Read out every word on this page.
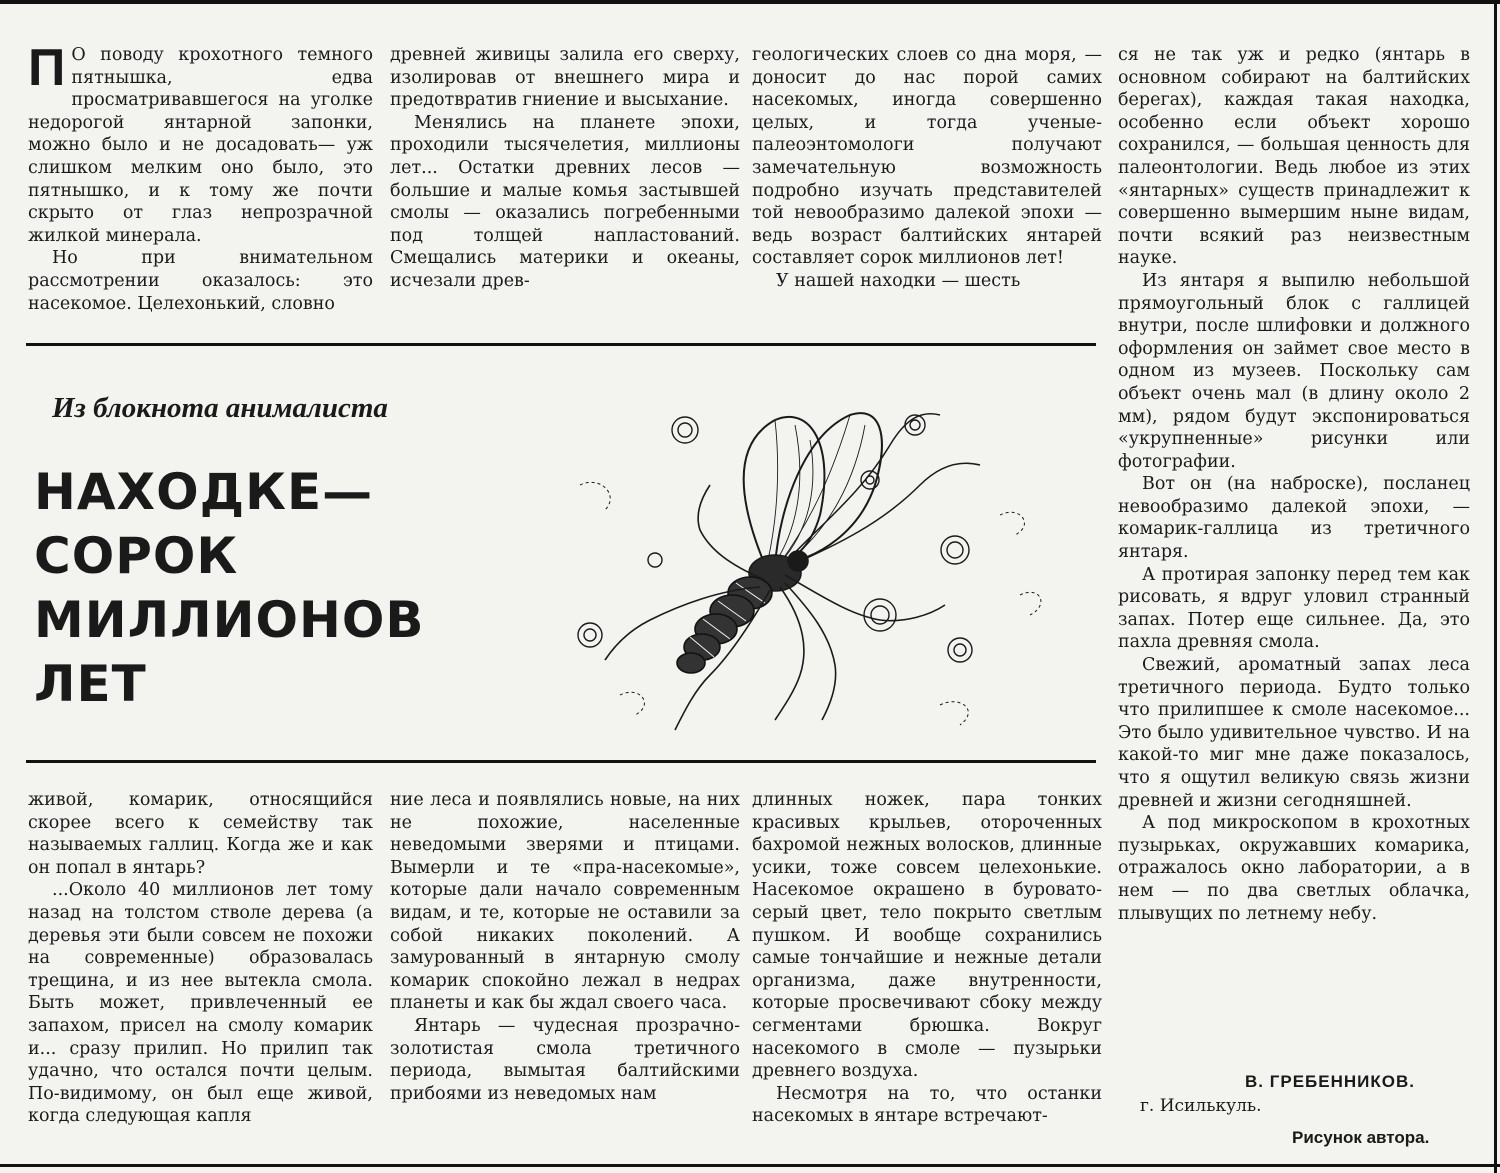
П О поводу крохотного темного пятнышка, едва просматривавшегося на уголке недорогой янтарной запонки, можно было и не досадовать— уж слишком мелким оно было, это пятнышко, и к тому же почти скрыто от глаз непрозрачной жилкой минерала.

Но при внимательном рассмотрении оказалось: это насекомое. Целехонький, словно

древней живицы залила его сверху, изолировав от внешнего мира и предотвратив гниение и высыхание.

Менялись на планете эпохи, проходили тысячелетия, миллионы лет... Остатки древних лесов — большие и малые комья застывшей смолы — оказались погребенными под толщей напластований. Смещались материки и океаны, исчезали древ-

геологических слоев со дна моря, — доносит до нас порой самих насекомых, иногда совершенно целых, и тогда ученые-палеоэнтомологи получают замечательную возможность подробно изучать представителей той невообразимо далекой эпохи — ведь возраст балтийских янтарей составляет сорок миллионов лет!

У нашей находки — шесть

ся не так уж и редко (янтарь в основном собирают на балтийских берегах), каждая такая находка, особенно если объект хорошо сохранился, — большая ценность для палеонтологии. Ведь любое из этих «янтарных» существ принадлежит к совершенно вымершим ныне видам, почти всякий раз неизвестным науке.

Из янтаря я выпилю небольшой прямоугольный блок с галлицей внутри, после шлифовки и должного оформления он займет свое место в одном из музеев. Поскольку сам объект очень мал (в длину около 2 мм), рядом будут экспонироваться «укрупненные» рисунки или фотографии.

Вот он (на наброске), посланец невообразимо далекой эпохи, — комарик-галлица из третичного янтаря.

А протирая запонку перед тем как рисовать, я вдруг уловил странный запах. Потер еще сильнее. Да, это пахла древняя смола.

Свежий, ароматный запах леса третичного периода. Будто только что прилипшее к смоле насекомое... Это было удивительное чувство. И на какой-то миг мне даже показалось, что я ощутил великую связь жизни древней и жизни сегодняшней.

А под микроскопом в крохотных пузырьках, окружавших комарика, отражалось окно лаборатории, а в нем — по два светлых облачка, плывущих по летнему небу.

Из блокнота анималиста
НАХОДКЕ—
СОРОК
МИЛЛИОНОВ
ЛЕТ

живой, комарик, относящийся скорее всего к семейству так называемых галлиц. Когда же и как он попал в янтарь?

...Около 40 миллионов лет тому назад на толстом стволе дерева (а деревья эти были совсем не похожи на современные) образовалась трещина, и из нее вытекла смола. Быть может, привлеченный ее запахом, присел на смолу комарик и... сразу прилип. Но прилип так удачно, что остался почти целым. По-видимому, он был еще живой, когда следующая капля

ние леса и появлялись новые, на них не похожие, населенные неведомыми зверями и птицами. Вымерли и те «пра-насекомые», которые дали начало современным видам, и те, которые не оставили за собой никаких поколений. А замурованный в янтарную смолу комарик спокойно лежал в недрах планеты и как бы ждал своего часа.

Янтарь — чудесная прозрачно-золотистая смола третичного периода, вымытая балтийскими прибоями из неведомых нам

длинных ножек, пара тонких красивых крыльев, отороченных бахромой нежных волосков, длинные усики, тоже совсем целехонькие. Насекомое окрашено в буровато-серый цвет, тело покрыто светлым пушком. И вообще сохранились самые тончайшие и нежные детали организма, даже внутренности, которые просвечивают сбоку между сегментами брюшка. Вокруг насекомого в смоле — пузырьки древнего воздуха.

Несмотря на то, что останки насекомых в янтаре встречают-

В. ГРЕБЕННИКОВ.
г. Исилькуль.
Рисунок автора.
